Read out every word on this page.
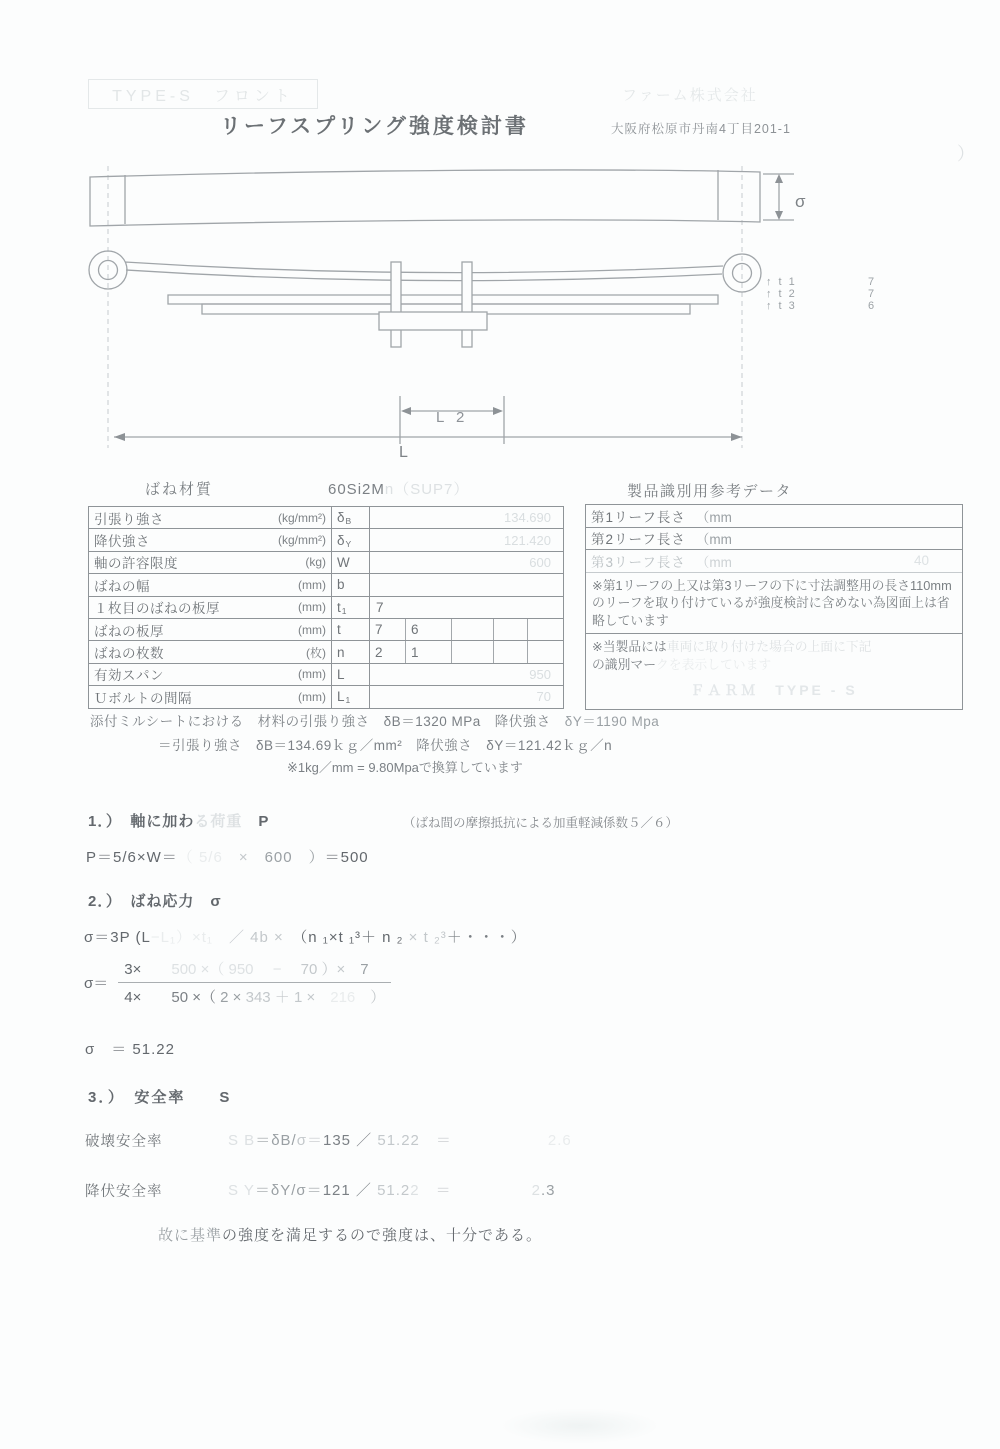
TYPE-S　フロント
リーフスプリング強度検討書
ファーム株式会社
大阪府松原市丹南4丁目201-1
）
σ
↑ t 1	7
↑ t 2	7
↑ t 3	6
L 2
L
ばね材質	60Si2Mn（SUP7）	製品識別用参考データ
引張り強さ	(kg/mm²) δ B	134.690
降伏強さ	(kg/mm²) δ Y	121.420
軸の許容限度	(kg) W	600
ばねの幅	(mm) b
１枚目のばねの板厚	(mm) t 1	7
ばねの板厚	(mm) t	7	6
ばねの枚数	(枚) n	2	1
有効スパン	(mm) L	950
Ｕボルトの間隔	(mm) L 1	70
第1リーフ長さ （mm
第2リーフ長さ （mm
第3リーフ長さ （mm	40
※第1リーフの上又は第3リーフの下に寸法調整用の長さ110mmのリーフを取り付けているが強度検討に含めない為図面上は省略しています
※当製品には車両に取り付けた場合の上面に下記
の識別マークを表示しています
ＦＡＲＭ　TYPE - S
添付ミルシートにおける　材料の引張り強さ　δB＝1320 MPa　降伏強さ　δY＝1190 Mpa
＝引張り強さ　δB＝134.69ｋｇ／mm²　降伏強さ　δY＝121.42ｋｇ／n
※1kg／mm = 9.80Mpaで換算しています
1．）　軸に加わる荷重　P	（ばね間の摩擦抵抗による加重軽減係数５／６）
P＝5/6×W＝（ 5/6　×　600　）＝500
2．）　ばね応力　σ
σ＝3P (L−L₁）×t₁　／ 4b ×　（n ₁×t ₁³＋ n ₂ × t ₂³＋・・・）
$\sigma= \frac{3\times 500 \times( 950 - 70 )\times 7}{4\times 50 \times( 2 \times 343 + 1 \times 216 )}$
σ　＝ 51.22
3．）　安全率　　S
破壊安全率	S B＝δB/σ＝135 ／ 51.22　＝　　　　　　2.6
降伏安全率	S Y＝δY/σ＝121 ／ 51.22　＝　　　　　2.3
故に基準の強度を満足するので強度は、十分である。
